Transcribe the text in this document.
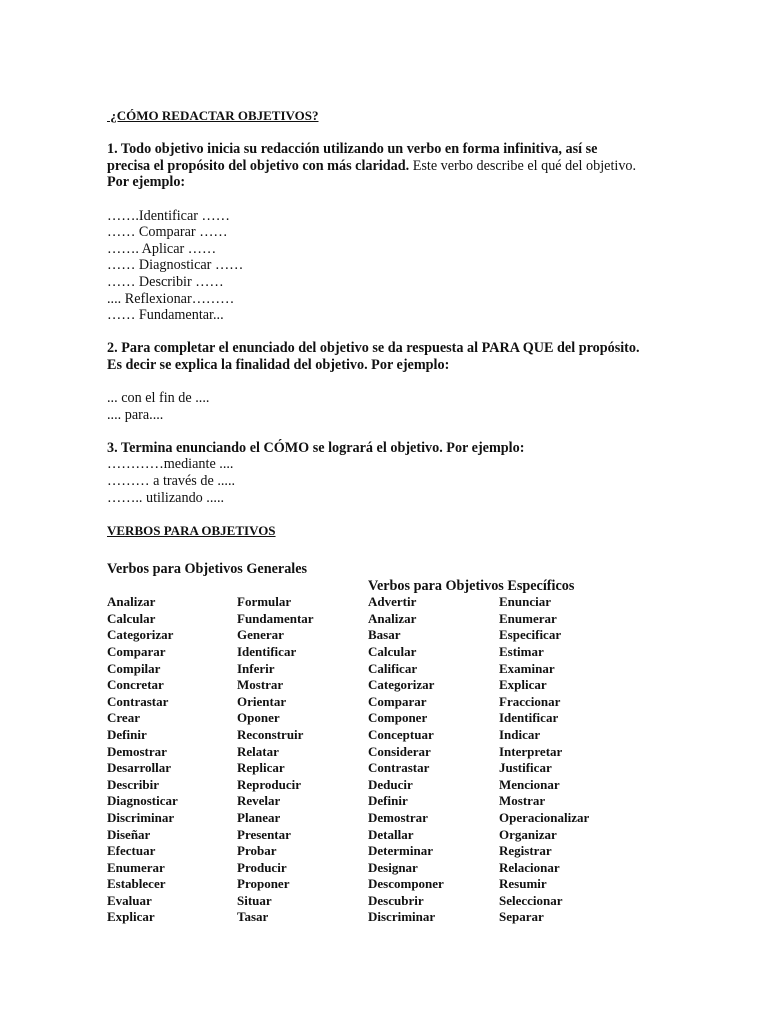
¿CÓMO REDACTAR OBJETIVOS?
1. Todo objetivo inicia su redacción utilizando un verbo en forma infinitiva, así se
precisa el propósito del objetivo con más claridad. Este verbo describe el qué del objetivo.
Por ejemplo:
…….Identificar ……
…… Comparar ……
……. Aplicar ……
…… Diagnosticar ……
…… Describir ……
.... Reflexionar………
…… Fundamentar...
2. Para completar el enunciado del objetivo se da respuesta al PARA QUE del propósito.
Es decir se explica la finalidad del objetivo. Por ejemplo:
... con el fin de ....
.... para....
3. Termina enunciando el CÓMO se logrará el objetivo. Por ejemplo:
…………mediante ....
……… a través de .....
…….. utilizando .....
VERBOS PARA OBJETIVOS
Verbos para Objetivos Generales
Verbos para Objetivos Específicos
Analizar
Calcular
Categorizar
Comparar
Compilar
Concretar
Contrastar
Crear
Definir
Demostrar
Desarrollar
Describir
Diagnosticar
Discriminar
Diseñar
Efectuar
Enumerar
Establecer
Evaluar
Explicar
Formular
Fundamentar
Generar
Identificar
Inferir
Mostrar
Orientar
Oponer
Reconstruir
Relatar
Replicar
Reproducir
Revelar
Planear
Presentar
Probar
Producir
Proponer
Situar
Tasar
Advertir
Analizar
Basar
Calcular
Calificar
Categorizar
Comparar
Componer
Conceptuar
Considerar
Contrastar
Deducir
Definir
Demostrar
Detallar
Determinar
Designar
Descomponer
Descubrir
Discriminar
Enunciar
Enumerar
Especificar
Estimar
Examinar
Explicar
Fraccionar
Identificar
Indicar
Interpretar
Justificar
Mencionar
Mostrar
Operacionalizar
Organizar
Registrar
Relacionar
Resumir
Seleccionar
Separar
